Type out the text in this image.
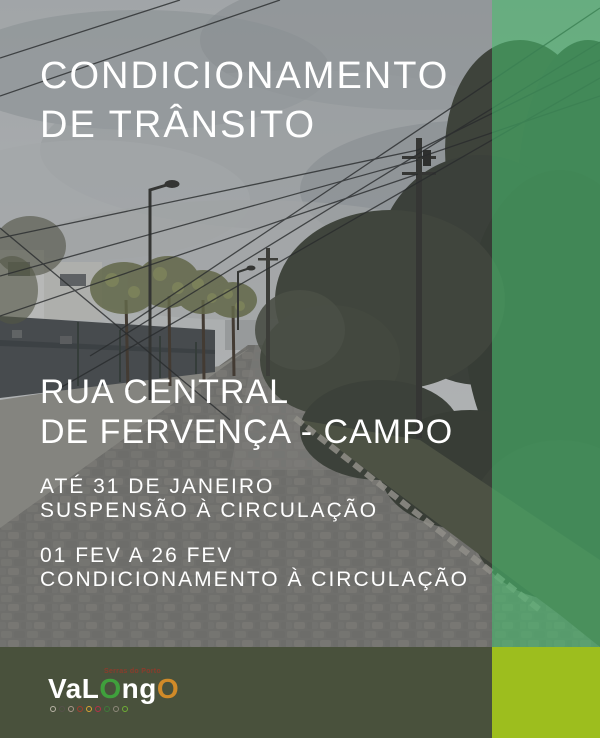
CONDICIONAMENTO
DE TRÂNSITO
RUA CENTRAL
DE FERVENÇA - CAMPO
ATÉ 31 DE JANEIRO
SUSPENSÃO À CIRCULAÇÃO
01 FEV A 26 FEV
CONDICIONAMENTO À CIRCULAÇÃO
Serras do Porto
VaLOngO
